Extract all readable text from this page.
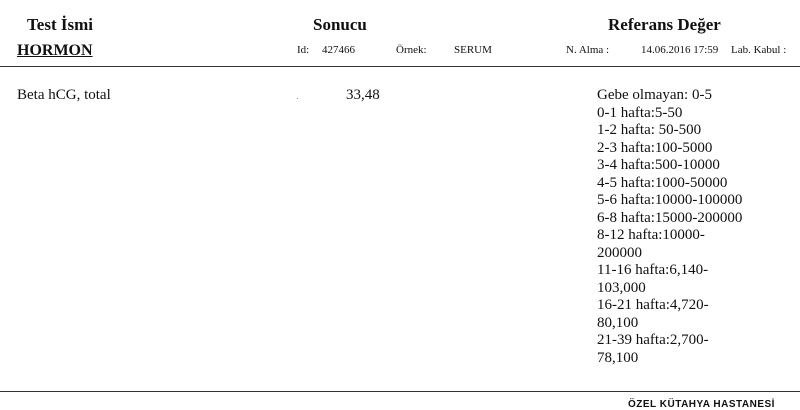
Test İsmi	Sonucu	Referans Değer
HORMON	Id: 427466	Örnek: SERUM	N. Alma :	14.06.2016 17:59 Lab. Kabul :
Beta hCG, total	33,48	Gebe olmayan: 0-5
0-1 hafta:5-50
1-2 hafta: 50-500
2-3 hafta:100-5000
3-4 hafta:500-10000
4-5 hafta:1000-50000
5-6 hafta:10000-100000
6-8 hafta:15000-200000
8-12 hafta:10000-
200000
11-16 hafta:6,140-
103,000
16-21 hafta:4,720-
80,100
21-39 hafta:2,700-
78,100
ÖZEL KÜTAHYA HASTANESİ
